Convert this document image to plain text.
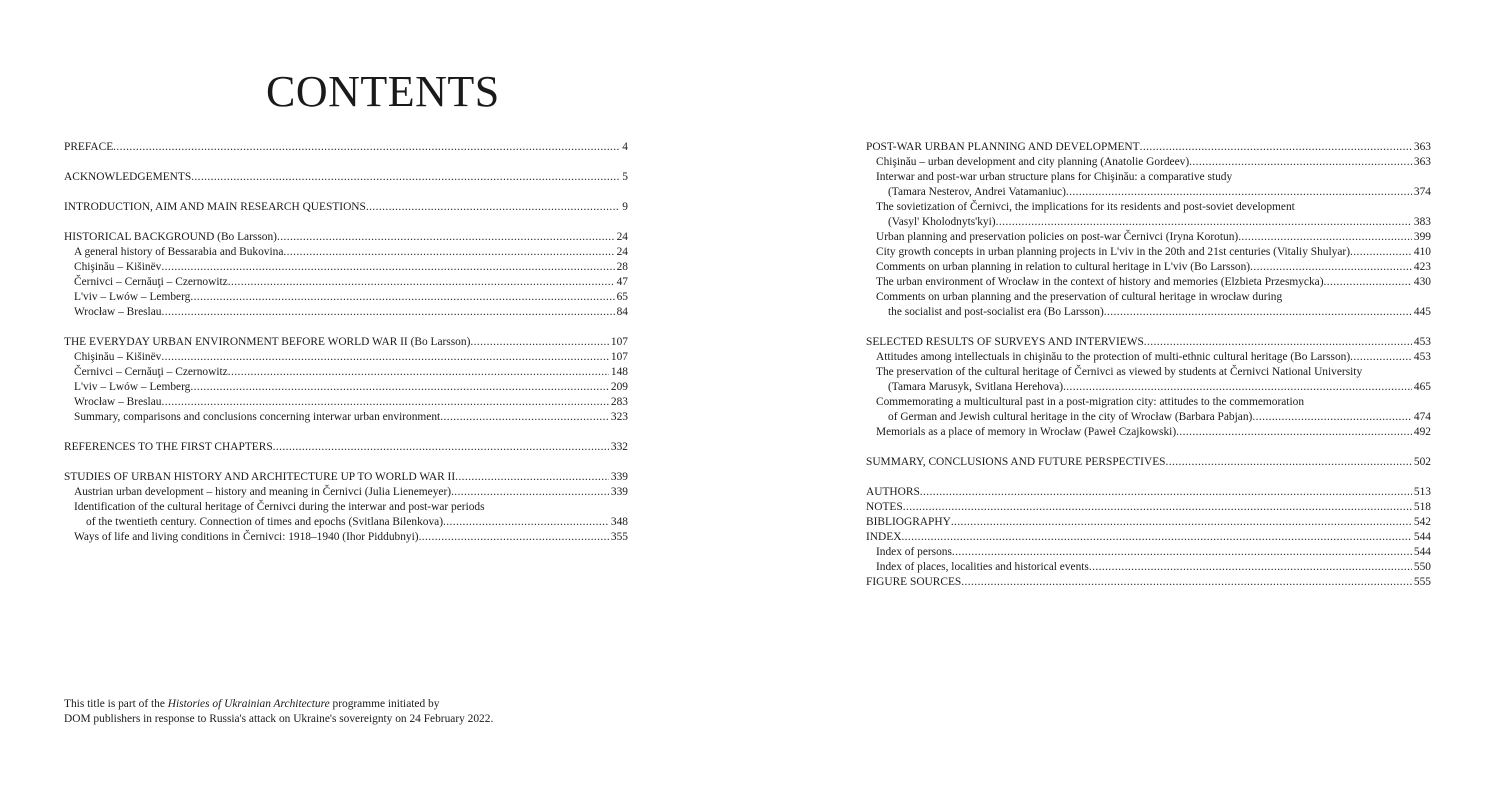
CONTENTS
PREFACE .....	4
ACKNOWLEDGEMENTS .....	5
INTRODUCTION, AIM AND MAIN RESEARCH QUESTIONS .....	9
HISTORICAL BACKGROUND (Bo Larsson) .....	24
A general history of Bessarabia and Bukovina .....	24
Chişinău – Kišinëv .....	28
Černivci – Cernăuţi – Czernowitz .....	47
L'viv – Lwów – Lemberg .....	65
Wrocław – Breslau .....	84
THE EVERYDAY URBAN ENVIRONMENT BEFORE WORLD WAR II (Bo Larsson) .....	107
Chişinău – Kišinëv .....	107
Černivci – Cernăuţi – Czernowitz .....	148
L'viv – Lwów – Lemberg .....	209
Wrocław – Breslau .....	283
Summary, comparisons and conclusions concerning interwar urban environment .....	323
REFERENCES TO THE FIRST CHAPTERS .....	332
STUDIES OF URBAN HISTORY AND ARCHITECTURE UP TO WORLD WAR II .....	339
Austrian urban development – history and meaning in Černivci (Julia Lienemeyer) .....	339
Identification of the cultural heritage of Černivci during the interwar and post-war periods
of the twentieth century. Connection of times and epochs (Svitlana Bilenkova) .....	348
Ways of life and living conditions in Černivci: 1918–1940 (Ihor Piddubnyi) .....	355
POST-WAR URBAN PLANNING AND DEVELOPMENT .....	363
Chişinău – urban development and city planning (Anatolie Gordeev) .....	363
Interwar and post-war urban structure plans for Chişinău: a comparative study
(Tamara Nesterov, Andrei Vatamaniuc) .....	374
The sovietization of Černivci, the implications for its residents and post-soviet development
(Vasyl' Kholodnyts'kyi) .....	383
Urban planning and preservation policies on post-war Černivci (Iryna Korotun) .....	399
City growth concepts in urban planning projects in L'viv in the 20th and 21st centuries (Vitaliy Shulyar) .....	410
Comments on urban planning in relation to cultural heritage in L'viv (Bo Larsson) .....	423
The urban environment of Wrocław in the context of history and memories (Elzbieta Przesmycka) .....	430
Comments on urban planning and the preservation of cultural heritage in wrocław during
the socialist and post-socialist era (Bo Larsson) .....	445
SELECTED RESULTS OF SURVEYS AND INTERVIEWS .....	453
Attitudes among intellectuals in chişinău to the protection of multi-ethnic cultural heritage (Bo Larsson) .....	453
The preservation of the cultural heritage of Černivci as viewed by students at Černivci National University
(Tamara Marusyk, Svitlana Herehova) .....	465
Commemorating a multicultural past in a post-migration city: attitudes to the commemoration
of German and Jewish cultural heritage in the city of Wrocław (Barbara Pabjan) .....	474
Memorials as a place of memory in Wrocław (Paweł Czajkowski) .....	492
SUMMARY, CONCLUSIONS AND FUTURE PERSPECTIVES .....	502
AUTHORS .....	513
NOTES .....	518
BIBLIOGRAPHY .....	542
INDEX .....	544
Index of persons .....	544
Index of places, localities and historical events .....	550
FIGURE SOURCES .....	555
This title is part of the Histories of Ukrainian Architecture programme initiated by
DOM publishers in response to Russia's attack on Ukraine's sovereignty on 24 February 2022.
